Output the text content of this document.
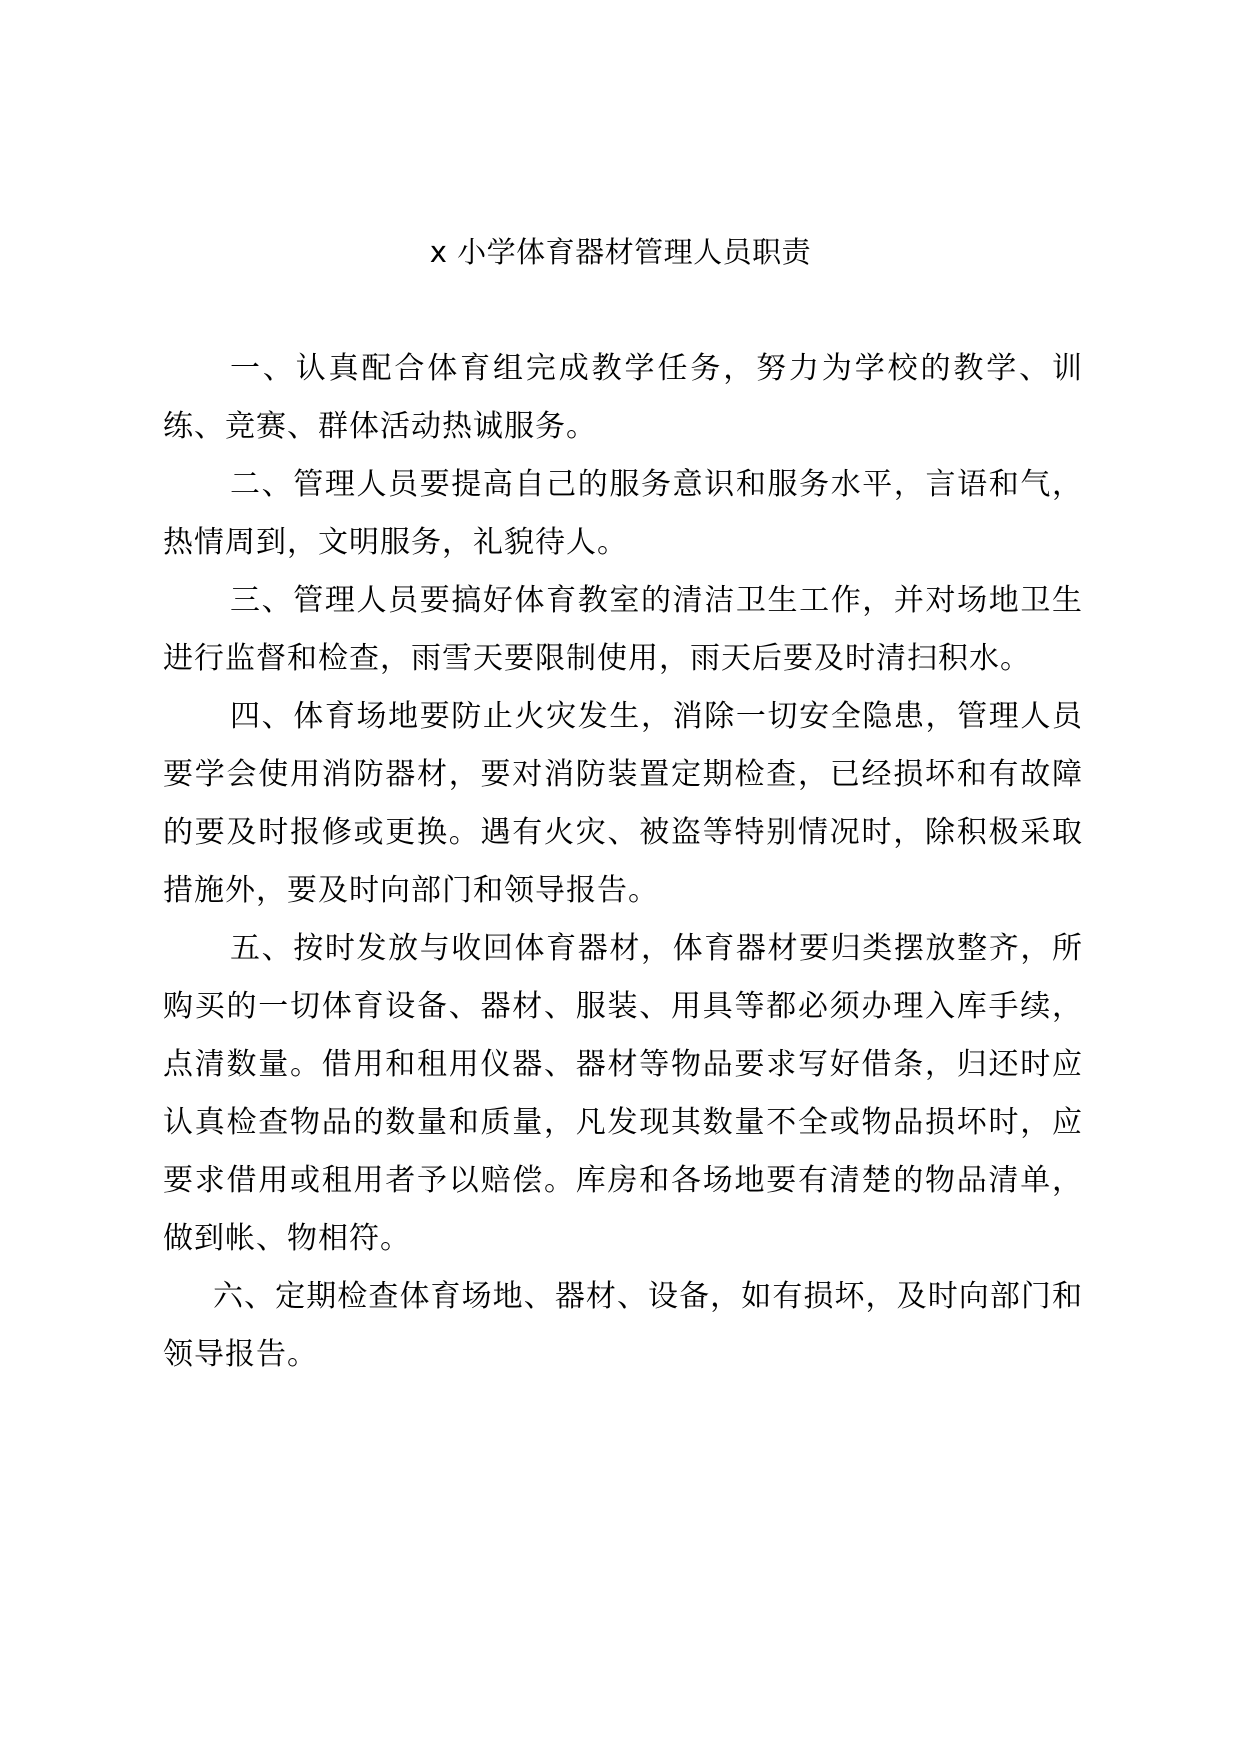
x 小学体育器材管理人员职责

一、认真配合体育组完成教学任务，努力为学校的教学、训练、竞赛、群体活动热诚服务。

二、管理人员要提高自己的服务意识和服务水平，言语和气，热情周到，文明服务，礼貌待人。

三、管理人员要搞好体育教室的清洁卫生工作，并对场地卫生进行监督和检查，雨雪天要限制使用，雨天后要及时清扫积水。

四、体育场地要防止火灾发生，消除一切安全隐患，管理人员要学会使用消防器材，要对消防装置定期检查，已经损坏和有故障的要及时报修或更换。遇有火灾、被盗等特别情况时，除积极采取措施外，要及时向部门和领导报告。

五、按时发放与收回体育器材，体育器材要归类摆放整齐，所购买的一切体育设备、器材、服装、用具等都必须办理入库手续，点清数量。借用和租用仪器、器材等物品要求写好借条，归还时应认真检查物品的数量和质量，凡发现其数量不全或物品损坏时，应要求借用或租用者予以赔偿。库房和各场地要有清楚的物品清单，做到帐、物相符。

六、定期检查体育场地、器材、设备，如有损坏，及时向部门和领导报告。
